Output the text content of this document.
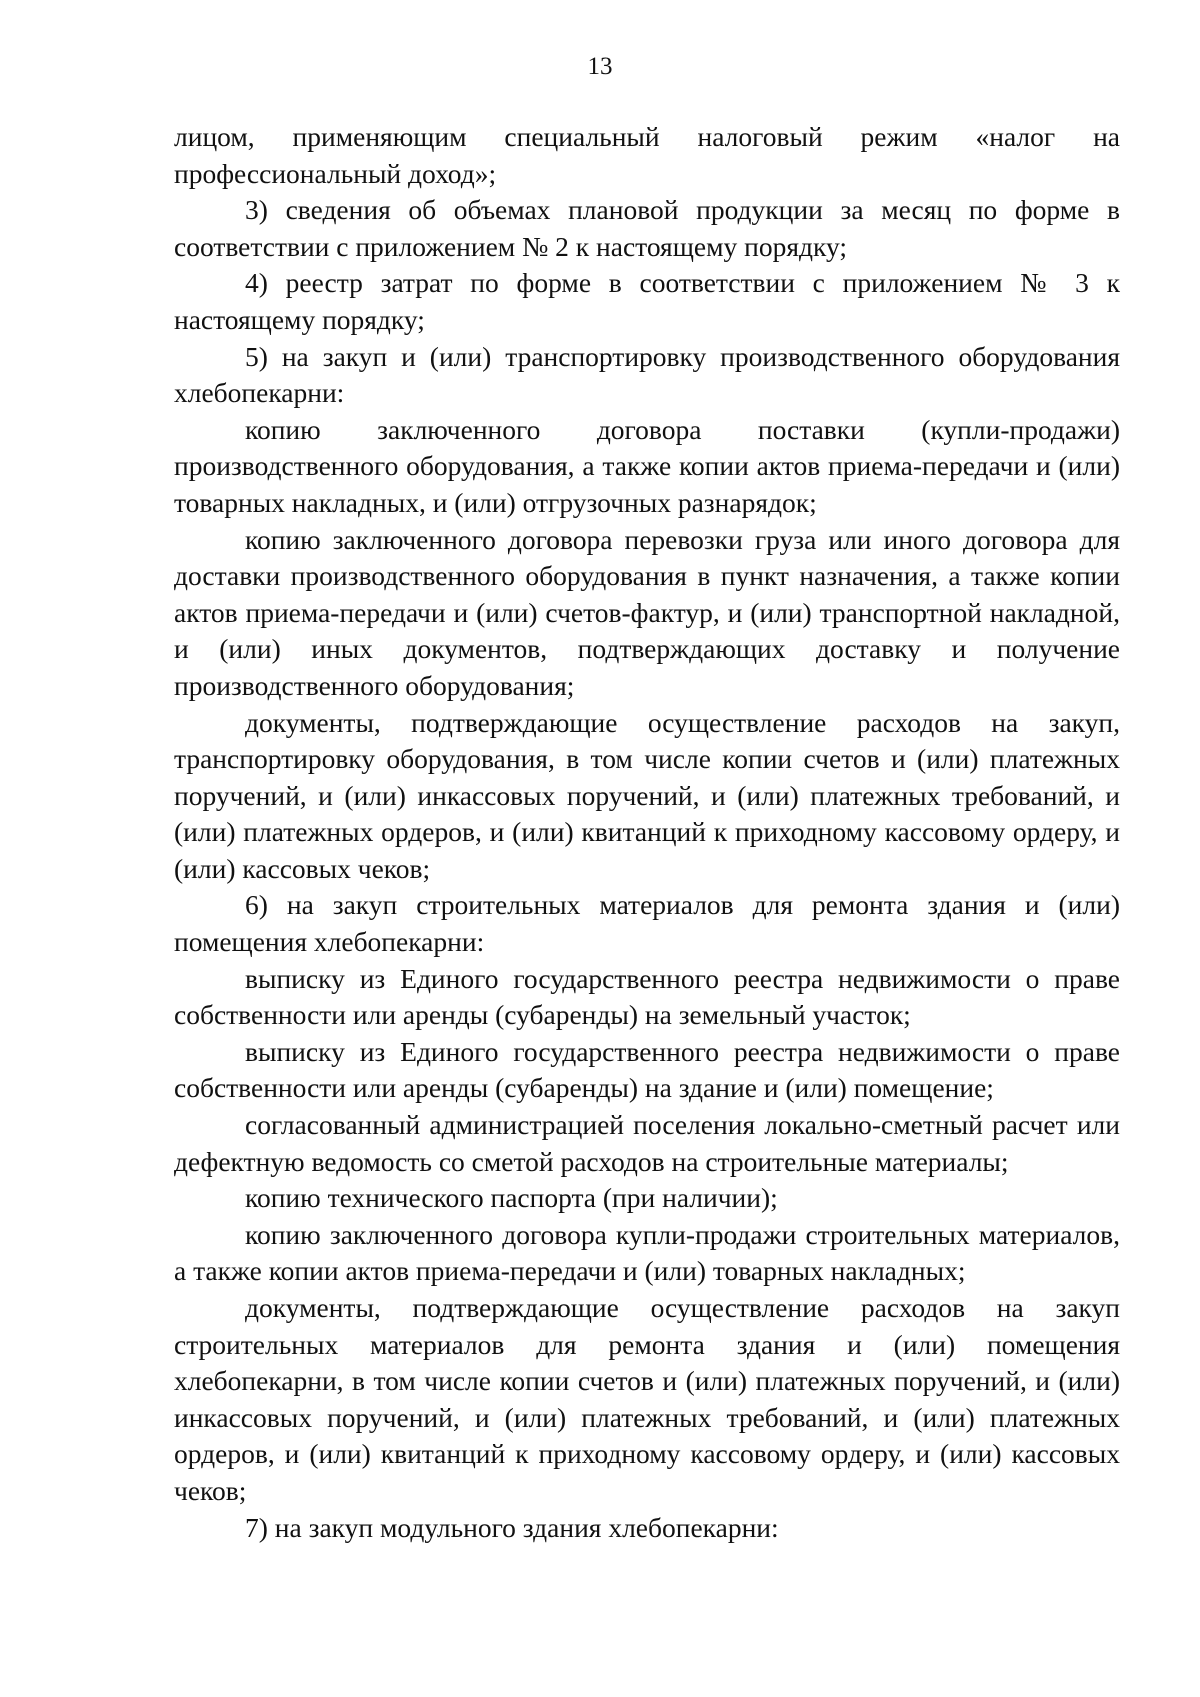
13

лицом, применяющим специальный налоговый режим «налог на профессиональный доход»;

3) сведения об объемах плановой продукции за месяц по форме в соответствии с приложением № 2 к настоящему порядку;

4) реестр затрат по форме в соответствии с приложением № 3 к настоящему порядку;

5) на закуп и (или) транспортировку производственного оборудования хлебопекарни:

копию заключенного договора поставки (купли-продажи) производственного оборудования, а также копии актов приема-передачи и (или) товарных накладных, и (или) отгрузочных разнарядок;

копию заключенного договора перевозки груза или иного договора для доставки производственного оборудования в пункт назначения, а также копии актов приема-передачи и (или) счетов-фактур, и (или) транспортной накладной, и (или) иных документов, подтверждающих доставку и получение производственного оборудования;

документы, подтверждающие осуществление расходов на закуп, транспортировку оборудования, в том числе копии счетов и (или) платежных поручений, и (или) инкассовых поручений, и (или) платежных требований, и (или) платежных ордеров, и (или) квитанций к приходному кассовому ордеру, и (или) кассовых чеков;

6) на закуп строительных материалов для ремонта здания и (или) помещения хлебопекарни:

выписку из Единого государственного реестра недвижимости о праве собственности или аренды (субаренды) на земельный участок;

выписку из Единого государственного реестра недвижимости о праве собственности или аренды (субаренды) на здание и (или) помещение;

согласованный администрацией поселения локально-сметный расчет или дефектную ведомость со сметой расходов на строительные материалы;

копию технического паспорта (при наличии);

копию заключенного договора купли-продажи строительных материалов, а также копии актов приема-передачи и (или) товарных накладных;

документы, подтверждающие осуществление расходов на закуп строительных материалов для ремонта здания и (или) помещения хлебопекарни, в том числе копии счетов и (или) платежных поручений, и (или) инкассовых поручений, и (или) платежных требований, и (или) платежных ордеров, и (или) квитанций к приходному кассовому ордеру, и (или) кассовых чеков;

7) на закуп модульного здания хлебопекарни:
